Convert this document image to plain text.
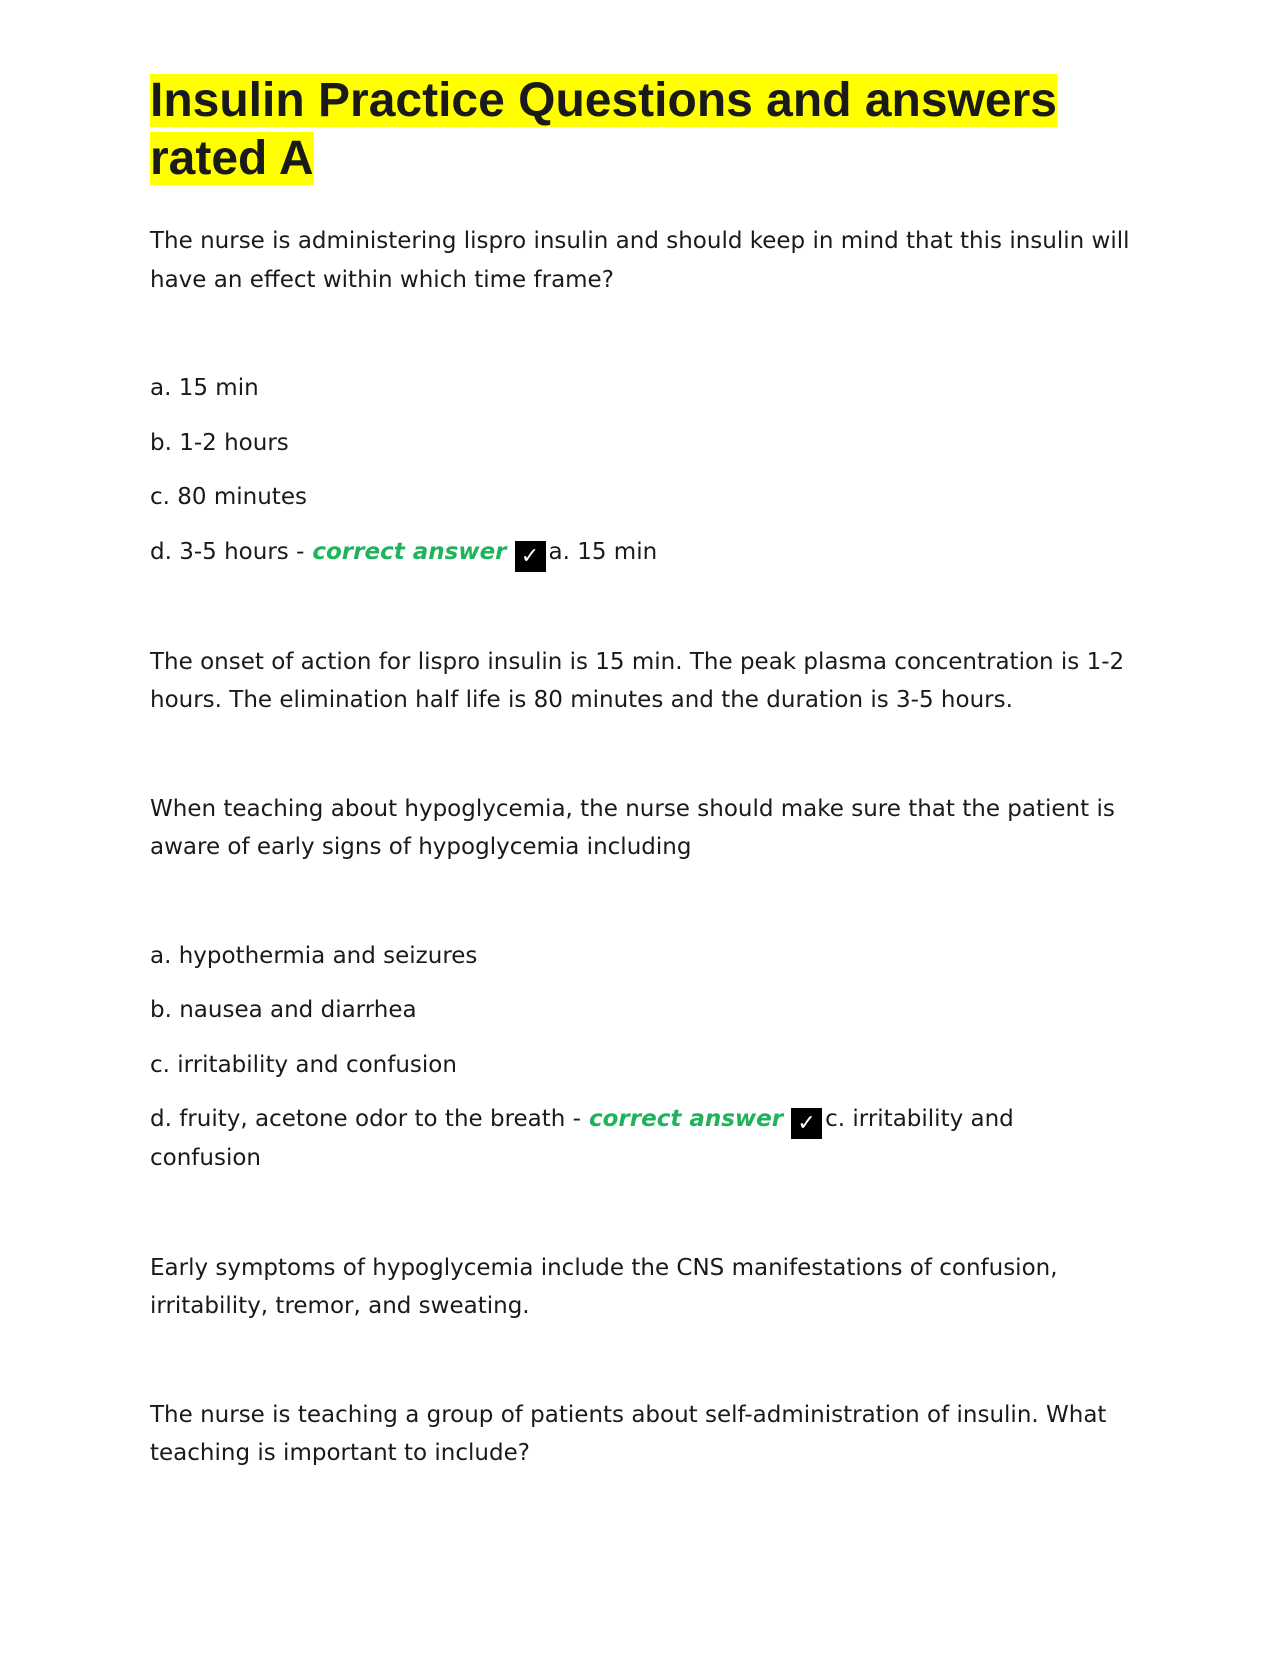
Insulin Practice Questions and answers rated A

The nurse is administering lispro insulin and should keep in mind that this insulin will have an effect within which time frame?

a. 15 min

b. 1-2 hours

c. 80 minutes

d. 3-5 hours - correct answer ✓ a. 15 min

The onset of action for lispro insulin is 15 min. The peak plasma concentration is 1-2 hours. The elimination half life is 80 minutes and the duration is 3-5 hours.

When teaching about hypoglycemia, the nurse should make sure that the patient is aware of early signs of hypoglycemia including

a. hypothermia and seizures

b. nausea and diarrhea

c. irritability and confusion

d. fruity, acetone odor to the breath - correct answer ✓ c. irritability and confusion

Early symptoms of hypoglycemia include the CNS manifestations of confusion, irritability, tremor, and sweating.

The nurse is teaching a group of patients about self-administration of insulin. What teaching is important to include?
